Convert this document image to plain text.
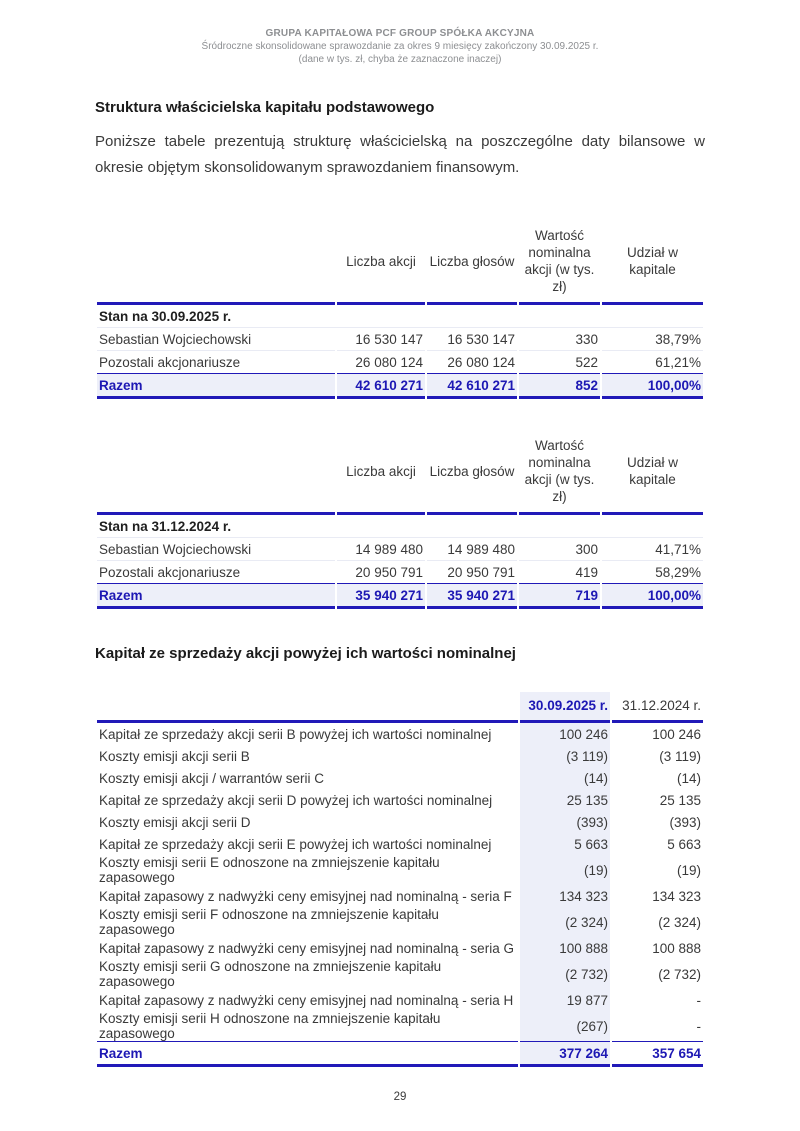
GRUPA KAPITAŁOWA PCF GROUP SPÓŁKA AKCYJNA
Śródroczne skonsolidowane sprawozdanie za okres 9 miesięcy zakończony 30.09.2025 r.
(dane w tys. zł, chyba że zaznaczone inaczej)
Struktura właścicielska kapitału podstawowego

Poniższe tabele prezentują strukturę właścicielską na poszczególne daty bilansowe w okresie objętym skonsolidowanym sprawozdaniem finansowym.

	Liczba akcji	Liczba głosów	Wartość nominalna akcji (w tys. zł)	Udział w kapitale
Stan na 30.09.2025 r.				
Sebastian Wojciechowski	16 530 147	16 530 147	330	38,79%
Pozostali akcjonariusze	26 080 124	26 080 124	522	61,21%
Razem	42 610 271	42 610 271	852	100,00%
	Liczba akcji	Liczba głosów	Wartość nominalna akcji (w tys. zł)	Udział w kapitale
Stan na 31.12.2024 r.				
Sebastian Wojciechowski	14 989 480	14 989 480	300	41,71%
Pozostali akcjonariusze	20 950 791	20 950 791	419	58,29%
Razem	35 940 271	35 940 271	719	100,00%
Kapitał ze sprzedaży akcji powyżej ich wartości nominalnej
	30.09.2025 r.	31.12.2024 r.
Kapitał ze sprzedaży akcji serii B powyżej ich wartości nominalnej	100 246	100 246
Koszty emisji akcji serii B	(3 119)	(3 119)
Koszty emisji akcji / warrantów serii C	(14)	(14)
Kapitał ze sprzedaży akcji serii D powyżej ich wartości nominalnej	25 135	25 135
Koszty emisji akcji serii D	(393)	(393)
Kapitał ze sprzedaży akcji serii E powyżej ich wartości nominalnej	5 663	5 663
Koszty emisji serii E odnoszone na zmniejszenie kapitału zapasowego	(19)	(19)
Kapitał zapasowy z nadwyżki ceny emisyjnej nad nominalną - seria F	134 323	134 323
Koszty emisji serii F odnoszone na zmniejszenie kapitału zapasowego	(2 324)	(2 324)
Kapitał zapasowy z nadwyżki ceny emisyjnej nad nominalną - seria G	100 888	100 888
Koszty emisji serii G odnoszone na zmniejszenie kapitału zapasowego	(2 732)	(2 732)
Kapitał zapasowy z nadwyżki ceny emisyjnej nad nominalną - seria H	19 877	-
Koszty emisji serii H odnoszone na zmniejszenie kapitału zapasowego	(267)	-
Razem	377 264	357 654
29
